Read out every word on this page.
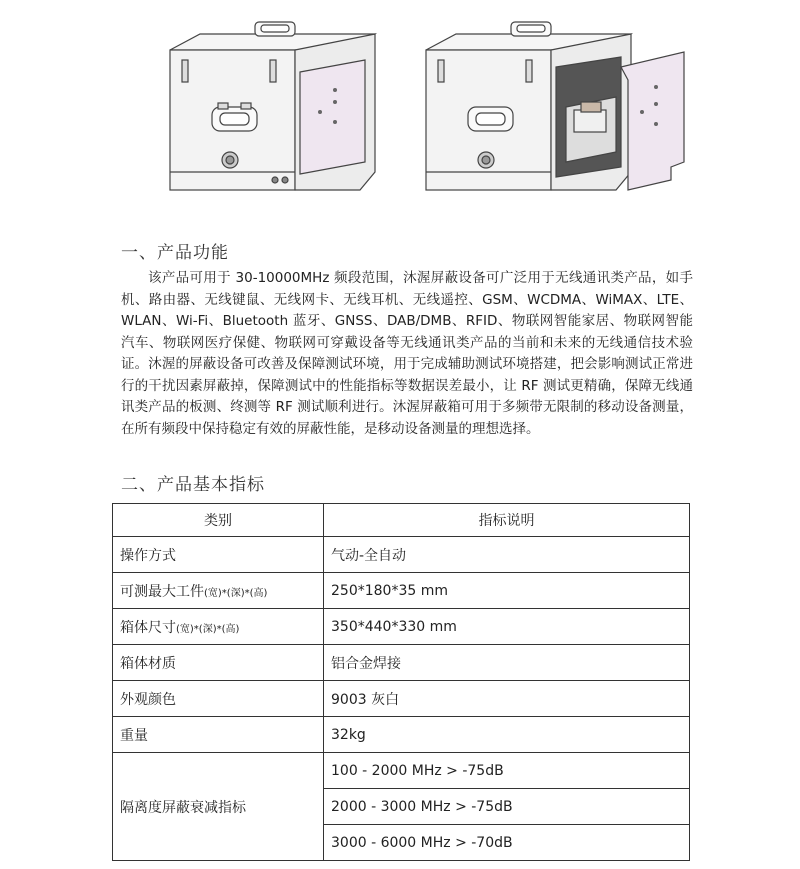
一、产品功能

该产品可用于 30-10000MHz 频段范围，沐渥屏蔽设备可广泛用于无线通讯类产品，如手机、路由器、无线键鼠、无线网卡、无线耳机、无线遥控、GSM、WCDMA、WiMAX、LTE、WLAN、Wi-Fi、Bluetooth 蓝牙、GNSS、DAB/DMB、RFID、物联网智能家居、物联网智能汽车、物联网医疗保健、物联网可穿戴设备等无线通讯类产品的当前和未来的无线通信技术验证。沐渥的屏蔽设备可改善及保障测试环境，用于完成辅助测试环境搭建，把会影响测试正常进行的干扰因素屏蔽掉，保障测试中的性能指标等数据误差最小，让 RF 测试更精确，保障无线通讯类产品的板测、终测等 RF 测试顺利进行。沐渥屏蔽箱可用于多频带无限制的移动设备测量，在所有频段中保持稳定有效的屏蔽性能，是移动设备测量的理想选择。

二、产品基本指标
类别	指标说明
操作方式	气动-全自动
可测最大工件(宽)*(深)*(高)	250*180*35 mm
箱体尺寸(宽)*(深)*(高)	350*440*330 mm
箱体材质	铝合金焊接
外观颜色	9003 灰白
重量	32kg
隔离度屏蔽衰减指标	100 - 2000 MHz > -75dB
	2000 - 3000 MHz > -75dB
	3000 - 6000 MHz > -70dB
